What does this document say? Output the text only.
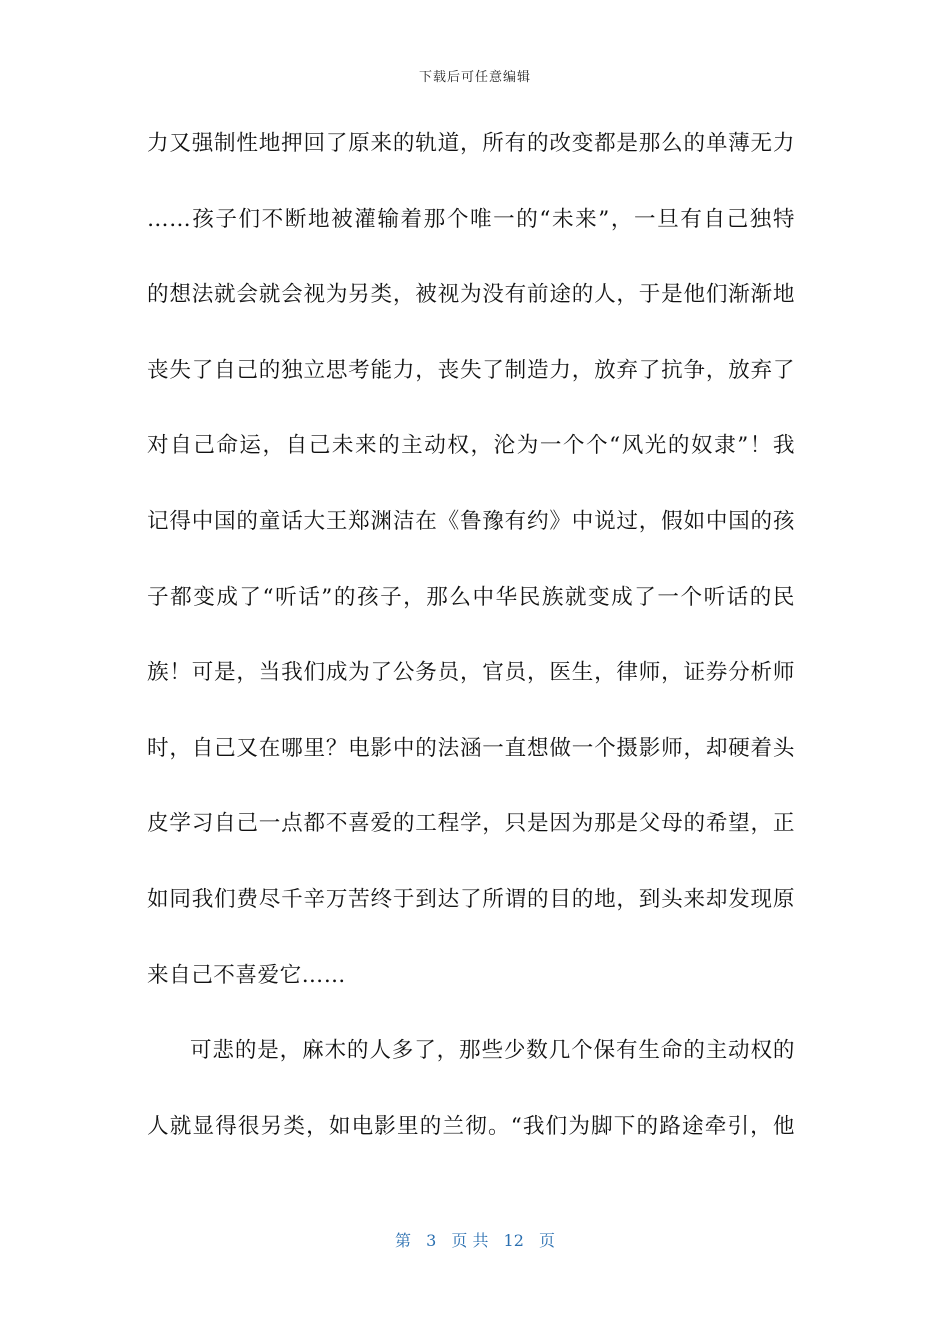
下载后可任意编辑
力又强制性地押回了原来的轨道，所有的改变都是那么的单薄无力
……孩子们不断地被灌输着那个唯一的“未来”，一旦有自己独特
的想法就会就会视为另类，被视为没有前途的人，于是他们渐渐地
丧失了自己的独立思考能力，丧失了制造力，放弃了抗争，放弃了
对自己命运，自己未来的主动权，沦为一个个“风光的奴隶”！我
记得中国的童话大王郑渊洁在《鲁豫有约》中说过，假如中国的孩
子都变成了“听话”的孩子，那么中华民族就变成了一个听话的民
族！可是，当我们成为了公务员，官员，医生，律师，证券分析师
时，自己又在哪里？电影中的法涵一直想做一个摄影师，却硬着头
皮学习自己一点都不喜爱的工程学，只是因为那是父母的希望，正
如同我们费尽千辛万苦终于到达了所谓的目的地，到头来却发现原
来自己不喜爱它……
可悲的是，麻木的人多了，那些少数几个保有生命的主动权的
人就显得很另类，如电影里的兰彻。“我们为脚下的路途牵引，他
第 3 页 共 12 页
